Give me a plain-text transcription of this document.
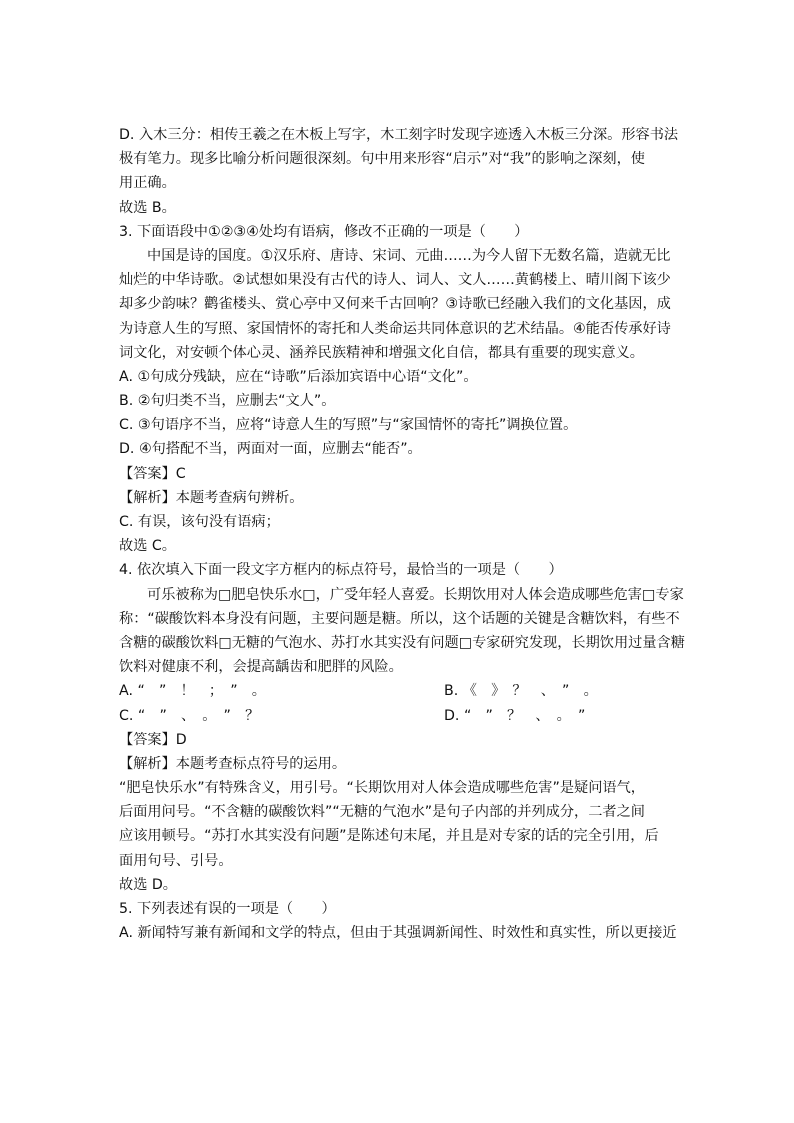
D. 入木三分：相传王羲之在木板上写字，木工刻字时发现字迹透入木板三分深。形容书法

极有笔力。现多比喻分析问题很深刻。句中用来形容“启示”对“我”的影响之深刻，使

用正确。

故选 B。

3. 下面语段中①②③④处均有语病，修改不正确的一项是（　　）

中国是诗的国度。①汉乐府、唐诗、宋词、元曲……为今人留下无数名篇，造就无比

灿烂的中华诗歌。②试想如果没有古代的诗人、词人、文人……黄鹤楼上、晴川阁下该少

却多少韵味？鹳雀楼头、赏心亭中又何来千古回响？③诗歌已经融入我们的文化基因，成

为诗意人生的写照、家国情怀的寄托和人类命运共同体意识的艺术结晶。④能否传承好诗

词文化，对安顿个体心灵、涵养民族精神和增强文化自信，都具有重要的现实意义。

A. ①句成分残缺，应在“诗歌”后添加宾语中心语“文化”。

B. ②句归类不当，应删去“文人”。

C. ③句语序不当，应将“诗意人生的写照”与“家国情怀的寄托”调换位置。

D. ④句搭配不当，两面对一面，应删去“能否”。

【答案】C

【解析】本题考查病句辨析。

C. 有误，该句没有语病；

故选 C。

4. 依次填入下面一段文字方框内的标点符号，最恰当的一项是（　　）

可乐被称为□肥皂快乐水□，广受年轻人喜爱。长期饮用对人体会造成哪些危害□专家

称：“碳酸饮料本身没有问题，主要问题是糖。所以，这个话题的关键是含糖饮料，有些不

含糖的碳酸饮料□无糖的气泡水、苏打水其实没有问题□专家研究发现，长期饮用过量含糖

饮料对健康不利，会提高龋齿和肥胖的风险。

A. “　”　！　；　”　。	B. 《　》　？　、　”　。
C. “　”　、　。　”　？	D. “　”　？　、　。　”

【答案】D

【解析】本题考查标点符号的运用。

“肥皂快乐水”有特殊含义，用引号。“长期饮用对人体会造成哪些危害”是疑问语气，

后面用问号。“不含糖的碳酸饮料”“无糖的气泡水”是句子内部的并列成分，二者之间

应该用顿号。“苏打水其实没有问题”是陈述句末尾，并且是对专家的话的完全引用，后

面用句号、引号。

故选 D。

5. 下列表述有误的一项是（　　）

A. 新闻特写兼有新闻和文学的特点，但由于其强调新闻性、时效性和真实性，所以更接近
